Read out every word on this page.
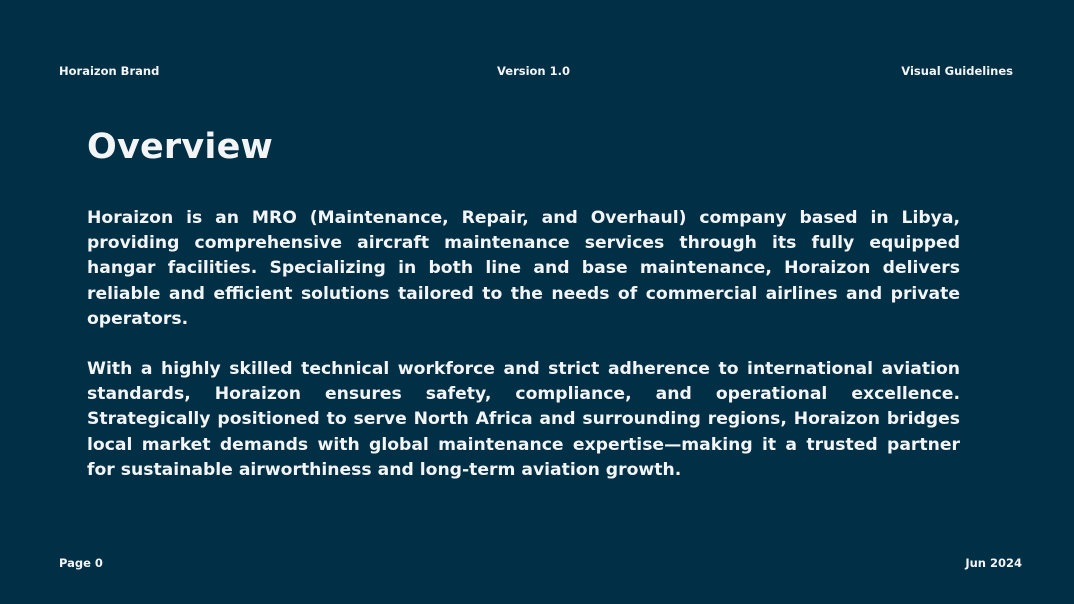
Horaizon Brand	Version 1.0	Visual Guidelines
Overview

Horaizon is an MRO (Maintenance, Repair, and Overhaul) company based in Libya, providing comprehensive aircraft maintenance services through its fully equipped hangar facilities. Specializing in both line and base maintenance, Horaizon delivers reliable and efficient solutions tailored to the needs of commercial airlines and private operators.

With a highly skilled technical workforce and strict adherence to international aviation standards, Horaizon ensures safety, compliance, and operational excellence. Strategically positioned to serve North Africa and surrounding regions, Horaizon bridges local market demands with global maintenance expertise—making it a trusted partner for sustainable airworthiness and long-term aviation growth.

Page 0	Jun 2024
